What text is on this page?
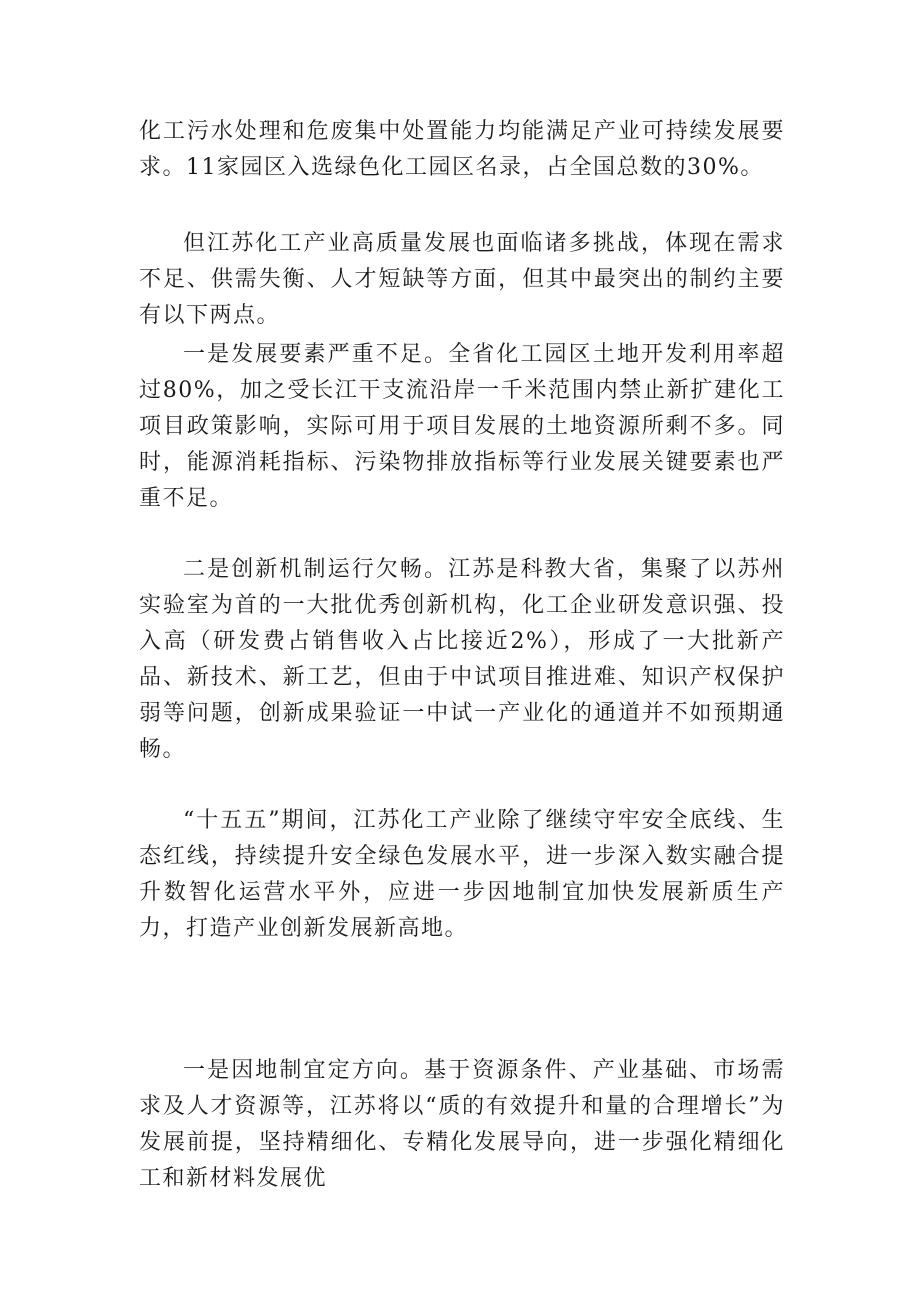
化工污水处理和危废集中处置能力均能满足产业可持续发展要求。11家园区入选绿色化工园区名录，占全国总数的30%。

但江苏化工产业高质量发展也面临诸多挑战，体现在需求不足、供需失衡、人才短缺等方面，但其中最突出的制约主要有以下两点。

一是发展要素严重不足。全省化工园区土地开发利用率超过80%，加之受长江干支流沿岸一千米范围内禁止新扩建化工项目政策影响，实际可用于项目发展的土地资源所剩不多。同时，能源消耗指标、污染物排放指标等行业发展关键要素也严重不足。

二是创新机制运行欠畅。江苏是科教大省，集聚了以苏州实验室为首的一大批优秀创新机构，化工企业研发意识强、投入高（研发费占销售收入占比接近2%），形成了一大批新产品、新技术、新工艺，但由于中试项目推进难、知识产权保护弱等问题，创新成果验证一中试一产业化的通道并不如预期通畅。

“十五五”期间，江苏化工产业除了继续守牢安全底线、生态红线，持续提升安全绿色发展水平，进一步深入数实融合提升数智化运营水平外，应进一步因地制宜加快发展新质生产力，打造产业创新发展新高地。

一是因地制宜定方向。基于资源条件、产业基础、市场需求及人才资源等，江苏将以“质的有效提升和量的合理增长”为发展前提，坚持精细化、专精化发展导向，进一步强化精细化工和新材料发展优
